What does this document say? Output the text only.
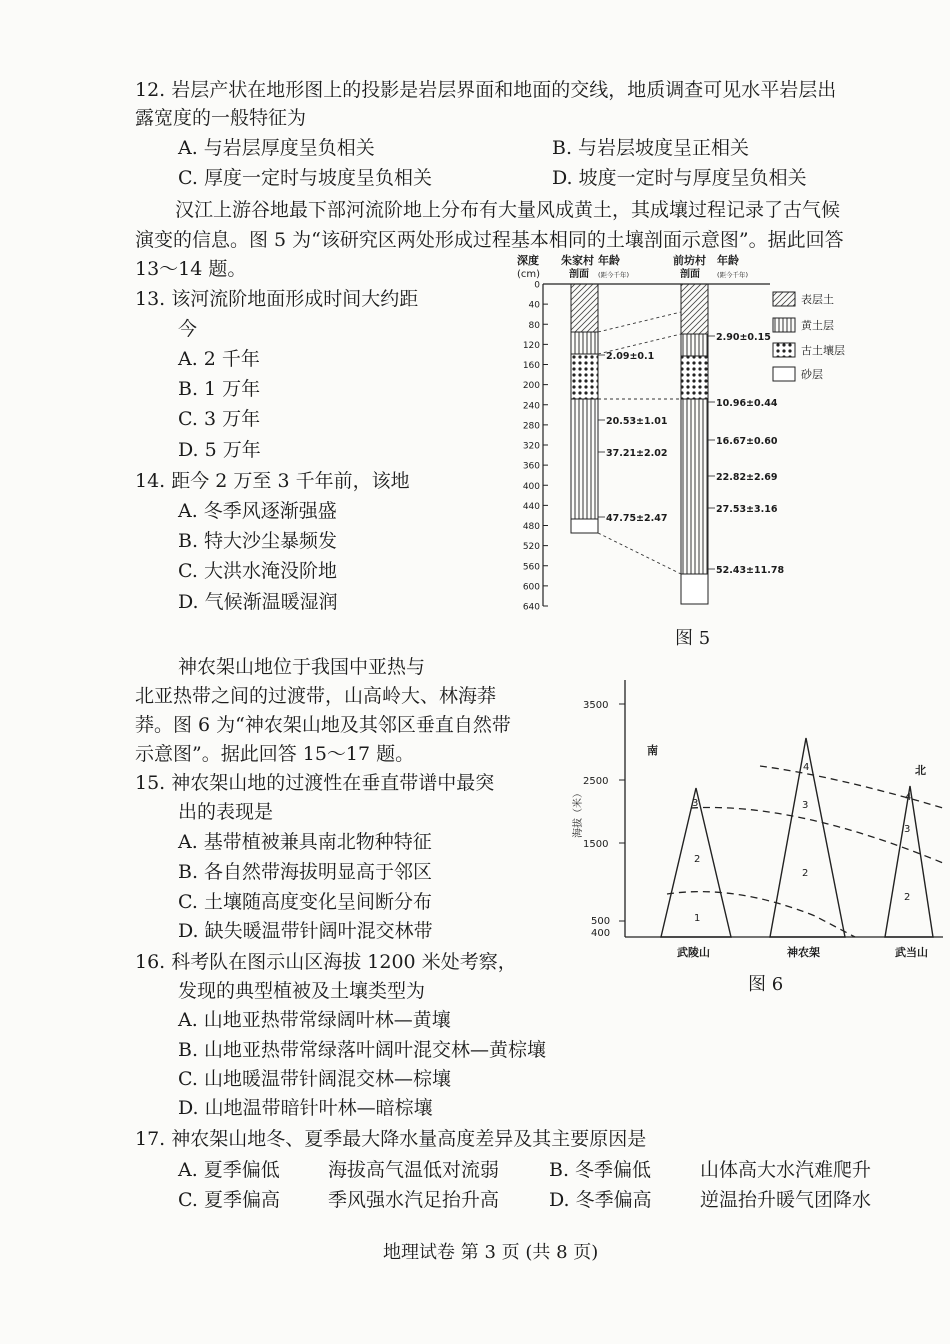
12. 岩层产状在地形图上的投影是岩层界面和地面的交线，地质调查可见水平岩层出
露宽度的一般特征为
A. 与岩层厚度呈负相关	B. 与岩层坡度呈正相关
C. 厚度一定时与坡度呈负相关	D. 坡度一定时与厚度呈负相关
汉江上游谷地最下部河流阶地上分布有大量风成黄土，其成壤过程记录了古气候
演变的信息。图 5 为“该研究区两处形成过程基本相同的土壤剖面示意图”。据此回答
13～14 题。
13. 该河流阶地面形成时间大约距
今
A. 2 千年
B. 1 万年
C. 3 万年
D. 5 万年
14. 距今 2 万至 3 千年前，该地
A. 冬季风逐渐强盛
B. 特大沙尘暴频发
C. 大洪水淹没阶地
D. 气候渐温暖湿润
深度
(cm)
朱家村
剖面
年龄
(距今千年)
前坊村
剖面
年龄
(距今千年)
0
40
80
120
160
200
240
280
320
360
400
440
480
520
560
600
640
2.09±0.1
20.53±1.01
37.21±2.02
47.75±2.47
2.90±0.15
10.96±0.44
16.67±0.60
22.82±2.69
27.53±3.16
52.43±11.78
表层土
黄土层
古土壤层
砂层
图 5
神农架山地位于我国中亚热与
北亚热带之间的过渡带，山高岭大、林海莽
莽。图 6 为“神农架山地及其邻区垂直自然带
示意图”。据此回答 15～17 题。
15. 神农架山地的过渡性在垂直带谱中最突
出的表现是
A. 基带植被兼具南北物种特征
B. 各自然带海拔明显高于邻区
C. 土壤随高度变化呈间断分布
D. 缺失暖温带针阔叶混交林带
3500
2500
1500
500
400
海拔（米）
南
北
3
2
1
4
3
2
4
3
2
武陵山	神农架	武当山
图 6
16. 科考队在图示山区海拔 1200 米处考察，
发现的典型植被及土壤类型为
A. 山地亚热带常绿阔叶林—黄壤
B. 山地亚热带常绿落叶阔叶混交林—黄棕壤
C. 山地暖温带针阔混交林—棕壤
D. 山地温带暗针叶林—暗棕壤
17. 神农架山地冬、夏季最大降水量高度差异及其主要原因是
A. 夏季偏低	海拔高气温低对流弱	B. 冬季偏低	山体高大水汽难爬升
C. 夏季偏高	季风强水汽足抬升高	D. 冬季偏高	逆温抬升暖气团降水
地理试卷 第 3 页 (共 8 页)
